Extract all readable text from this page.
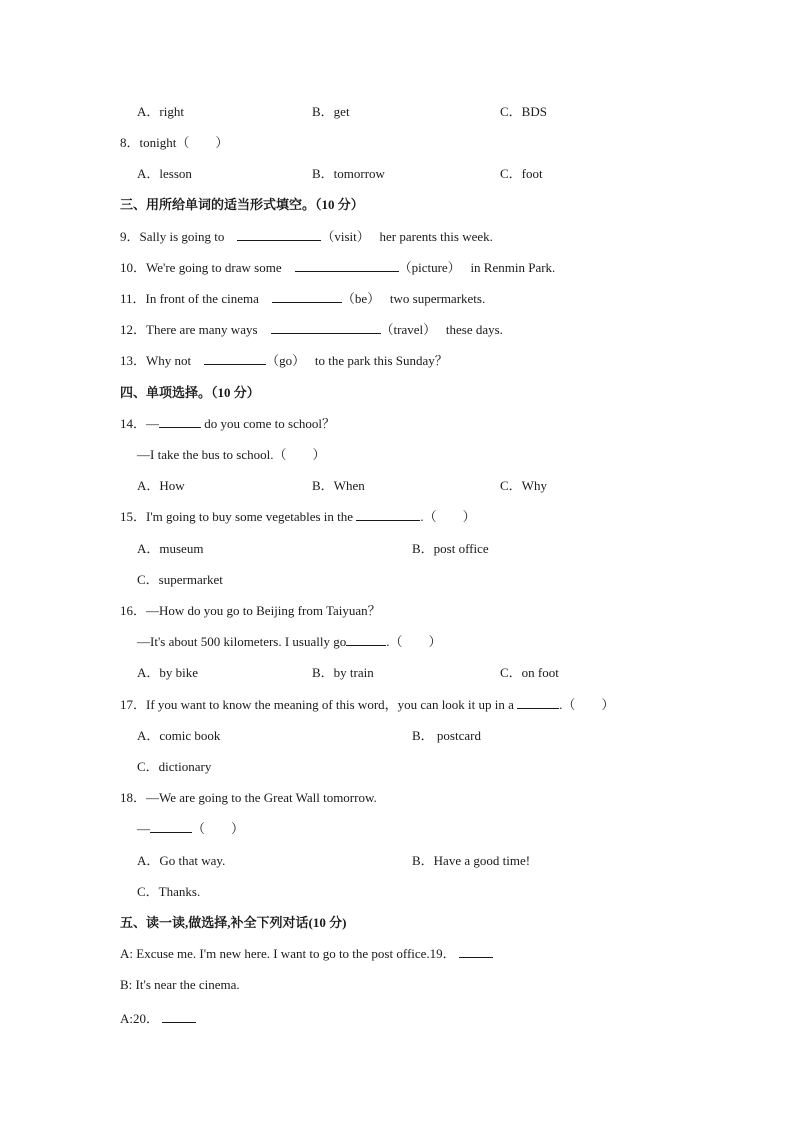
A．right	B．get	C．BDS
8．tonight（　　）
A．lesson	B．tomorrow	C．foot
三、用所给单词的适当形式填空。（10 分）
9．Sally is going to	（visit） her parents this week.
10．We're going to draw some	（picture） in Renmin Park.
11．In front of the cinema	（be） two supermarkets.
12．There are many ways	（travel） these days.
13．Why not	（go） to the park this Sunday？
四、单项选择。（10 分）
14．—	do you come to school？
—I take the bus to school.（　　）
A．How	B．When	C．Why
15．I'm going to buy some vegetables in the	.（　　）
A．museum	B．post office
C．supermarket
16．—How do you go to Beijing from Taiyuan？
—It's about 500 kilometers. I usually go	.（　　）
A．by bike	B．by train	C．on foot
17．If you want to know the meaning of this word，you can look it up in a	.（　　）
A．comic book	B． postcard
C．dictionary
18．—We are going to the Great Wall tomorrow.
—	（　　）
A．Go that way.	B．Have a good time!
C．Thanks.
五、读一读,做选择,补全下列对话(10 分)
A: Excuse me. I'm new here. I want to go to the post office.19．
B: It's near the cinema.
A:20．
